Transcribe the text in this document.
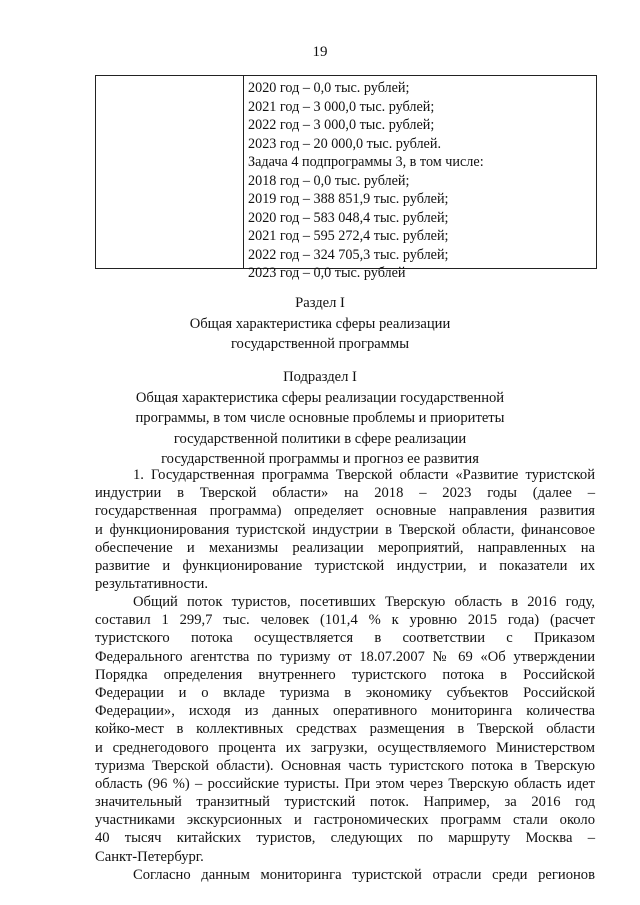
19
2020 год – 0,0 тыс. рублей;
2021 год – 3 000,0 тыс. рублей;
2022 год – 3 000,0 тыс. рублей;
2023 год – 20 000,0 тыс. рублей.
Задача 4 подпрограммы 3, в том числе:
2018 год – 0,0 тыс. рублей;
2019 год – 388 851,9 тыс. рублей;
2020 год – 583 048,4 тыс. рублей;
2021 год – 595 272,4 тыс. рублей;
2022 год – 324 705,3 тыс. рублей;
2023 год – 0,0 тыс. рублей
Раздел I
Общая характеристика сферы реализации
государственной программы
Подраздел I
Общая характеристика сферы реализации государственной
программы, в том числе основные проблемы и приоритеты
государственной политики в сфере реализации
государственной программы и прогноз ее развития
1. Государственная программа Тверской области «Развитие туристской
индустрии в Тверской области» на 2018 – 2023 годы (далее –
государственная программа) определяет основные направления развития
и функционирования туристской индустрии в Тверской области, финансовое
обеспечение и механизмы реализации мероприятий, направленных на
развитие и функционирование туристской индустрии, и показатели их
результативности.
Общий поток туристов, посетивших Тверскую область в 2016 году,
составил 1 299,7 тыс. человек (101,4 % к уровню 2015 года) (расчет
туристского потока осуществляется в соответствии с Приказом
Федерального агентства по туризму от 18.07.2007 № 69 «Об утверждении
Порядка определения внутреннего туристского потока в Российской
Федерации и о вкладе туризма в экономику субъектов Российской
Федерации», исходя из данных оперативного мониторинга количества
койко-мест в коллективных средствах размещения в Тверской области
и среднегодового процента их загрузки, осуществляемого Министерством
туризма Тверской области). Основная часть туристского потока в Тверскую
область (96 %) – российские туристы. При этом через Тверскую область идет
значительный транзитный туристский поток. Например, за 2016 год
участниками экскурсионных и гастрономических программ стали около
40 тысяч китайских туристов, следующих по маршруту Москва –
Санкт-Петербург.
Согласно данным мониторинга туристской отрасли среди регионов
